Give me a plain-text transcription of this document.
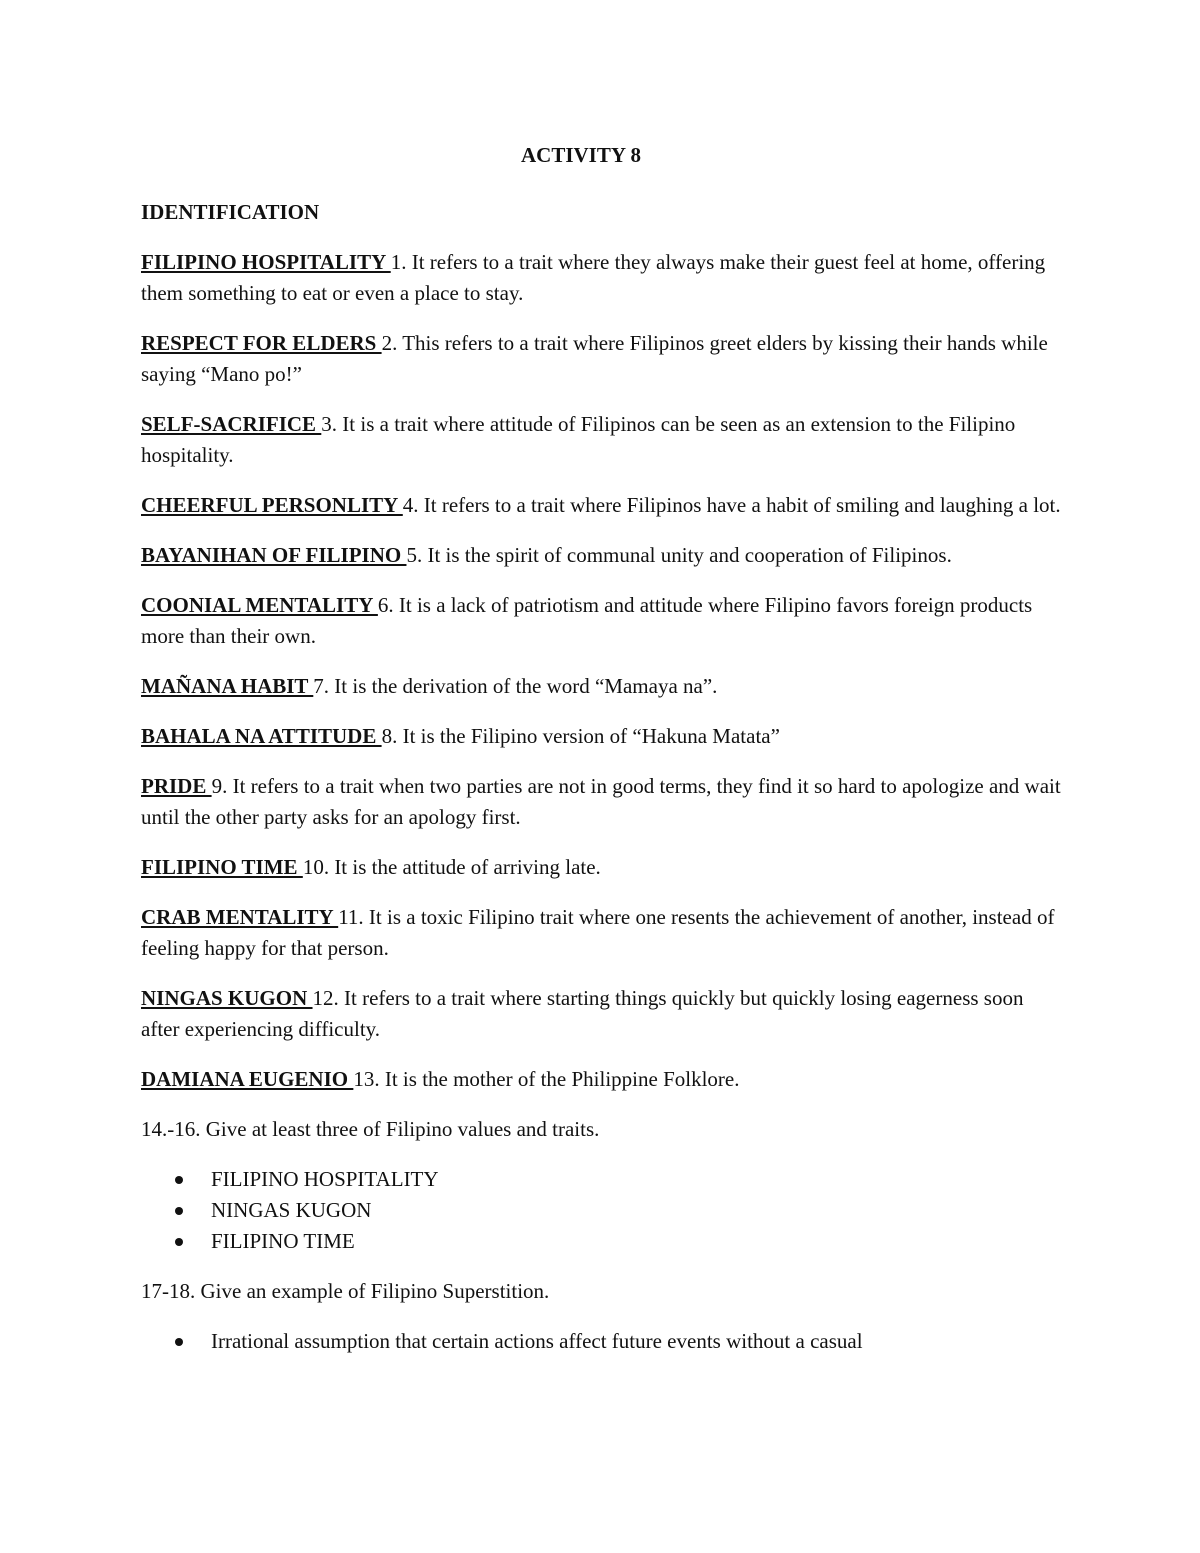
ACTIVITY 8
IDENTIFICATION
FILIPINO HOSPITALITY 1. It refers to a trait where they always make their guest feel at home, offering them something to eat or even a place to stay.
RESPECT FOR ELDERS 2. This refers to a trait where Filipinos greet elders by kissing their hands while saying “Mano po!”
SELF-SACRIFICE 3. It is a trait where attitude of Filipinos can be seen as an extension to the Filipino hospitality.
CHEERFUL PERSONLITY 4. It refers to a trait where Filipinos have a habit of smiling and laughing a lot.
BAYANIHAN OF FILIPINO 5. It is the spirit of communal unity and cooperation of Filipinos.
COONIAL MENTALITY 6. It is a lack of patriotism and attitude where Filipino favors foreign products more than their own.
MAÑANA HABIT 7. It is the derivation of the word “Mamaya na”.
BAHALA NA ATTITUDE 8. It is the Filipino version of “Hakuna Matata”
PRIDE 9. It refers to a trait when two parties are not in good terms, they find it so hard to apologize and wait until the other party asks for an apology first.
FILIPINO TIME 10. It is the attitude of arriving late.
CRAB MENTALITY 11. It is a toxic Filipino trait where one resents the achievement of another, instead of feeling happy for that person.
NINGAS KUGON 12. It refers to a trait where starting things quickly but quickly losing eagerness soon after experiencing difficulty.
DAMIANA EUGENIO 13. It is the mother of the Philippine Folklore.
14.-16. Give at least three of Filipino values and traits.
FILIPINO HOSPITALITY
NINGAS KUGON
FILIPINO TIME
17-18. Give an example of Filipino Superstition.
Irrational assumption that certain actions affect future events without a casual
